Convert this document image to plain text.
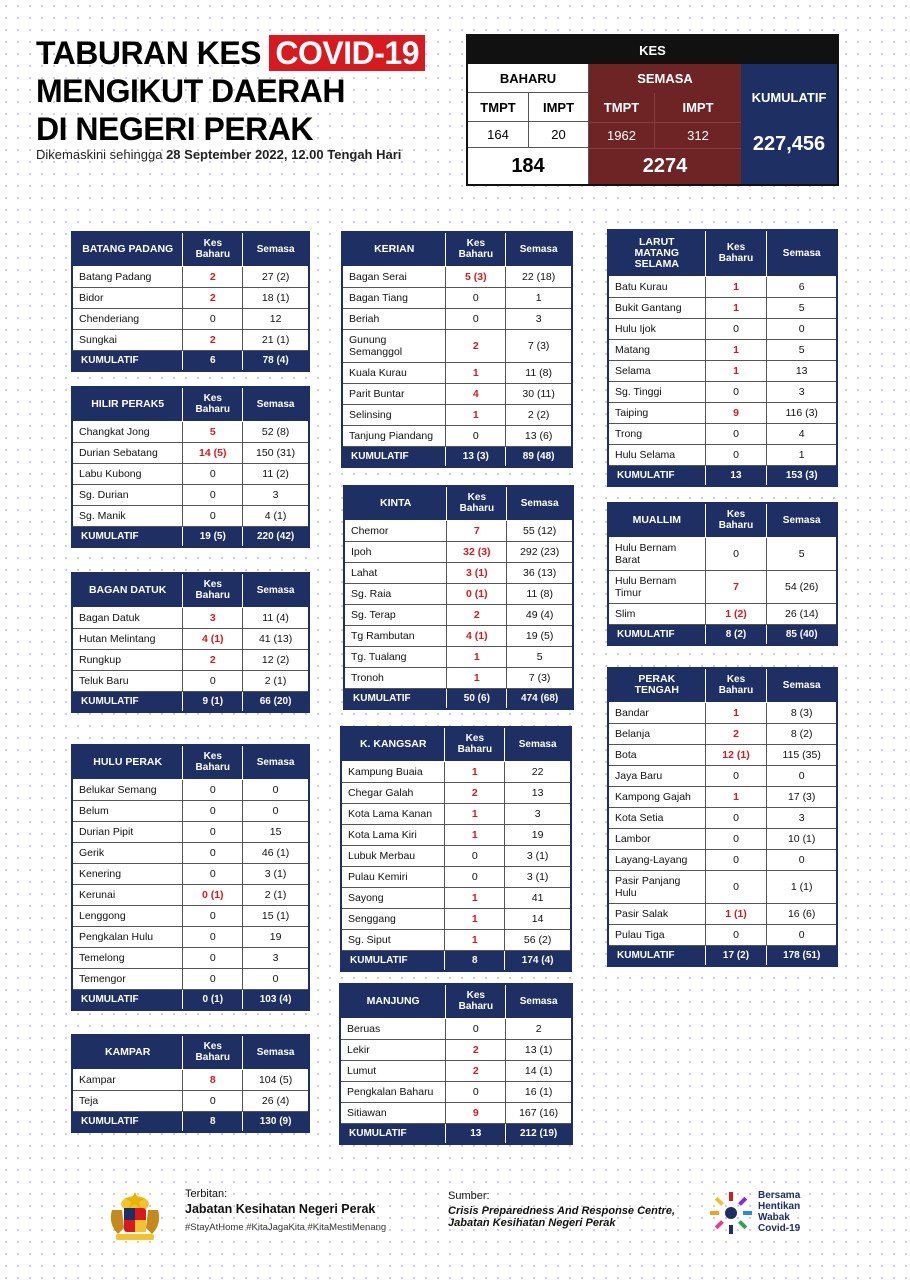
TABURAN KES COVID-19
MENGIKUT DAERAH
DI NEGERI PERAK
Dikemaskini sehingga 28 September 2022, 12.00 Tengah Hari
KES
BAHARU	SEMASA
KUMULATIF
227,456
TMPT	IMPT	TMPT	IMPT
164	20	1962	312
184	2274
BATANG PADANG	Kes Baharu	Semasa
Batang Padang	2	27 (2)
Bidor	2	18 (1)
Chenderiang	0	12
Sungkai	2	21 (1)
KUMULATIF	6	78 (4)
HILIR PERAK5	Kes Baharu	Semasa
Changkat Jong	5	52 (8)
Durian Sebatang	14 (5)	150 (31)
Labu Kubong	0	11 (2)
Sg. Durian	0	3
Sg. Manik	0	4 (1)
KUMULATIF	19 (5)	220 (42)
BAGAN DATUK	Kes Baharu	Semasa
Bagan Datuk	3	11 (4)
Hutan Melintang	4 (1)	41 (13)
Rungkup	2	12 (2)
Teluk Baru	0	2 (1)
KUMULATIF	9 (1)	66 (20)
HULU PERAK	Kes Baharu	Semasa
Belukar Semang	0	0
Belum	0	0
Durian Pipit	0	15
Gerik	0	46 (1)
Kenering	0	3 (1)
Kerunai	0 (1)	2 (1)
Lenggong	0	15 (1)
Pengkalan Hulu	0	19
Temelong	0	3
Temengor	0	0
KUMULATIF	0 (1)	103 (4)
KAMPAR	Kes Baharu	Semasa
Kampar	8	104 (5)
Teja	0	26 (4)
KUMULATIF	8	130 (9)
KERIAN	Kes Baharu	Semasa
Bagan Serai	5 (3)	22 (18)
Bagan Tiang	0	1
Beriah	0	3
Gunung Semanggol	2	7 (3)
Kuala Kurau	1	11 (8)
Parit Buntar	4	30 (11)
Selinsing	1	2 (2)
Tanjung Piandang	0	13 (6)
KUMULATIF	13 (3)	89 (48)
KINTA	Kes Baharu	Semasa
Chemor	7	55 (12)
Ipoh	32 (3)	292 (23)
Lahat	3 (1)	36 (13)
Sg. Raia	0 (1)	11 (8)
Sg. Terap	2	49 (4)
Tg Rambutan	4 (1)	19 (5)
Tg. Tualang	1	5
Tronoh	1	7 (3)
KUMULATIF	50 (6)	474 (68)
K. KANGSAR	Kes Baharu	Semasa
Kampung Buaia	1	22
Chegar Galah	2	13
Kota Lama Kanan	1	3
Kota Lama Kiri	1	19
Lubuk Merbau	0	3 (1)
Pulau Kemiri	0	3 (1)
Sayong	1	41
Senggang	1	14
Sg. Siput	1	56 (2)
KUMULATIF	8	174 (4)
MANJUNG	Kes Baharu	Semasa
Beruas	0	2
Lekir	2	13 (1)
Lumut	2	14 (1)
Pengkalan Baharu	0	16 (1)
Sitiawan	9	167 (16)
KUMULATIF	13	212 (19)
LARUT
MATANG
SELAMA	Kes Baharu	Semasa
Batu Kurau	1	6
Bukit Gantang	1	5
Hulu Ijok	0	0
Matang	1	5
Selama	1	13
Sg. Tinggi	0	3
Taiping	9	116 (3)
Trong	0	4
Hulu Selama	0	1
KUMULATIF	13	153 (3)
MUALLIM	Kes Baharu	Semasa
Hulu Bernam Barat	0	5
Hulu Bernam Timur	7	54 (26)
Slim	1 (2)	26 (14)
KUMULATIF	8 (2)	85 (40)
PERAK
TENGAH	Kes Baharu	Semasa
Bandar	1	8 (3)
Belanja	2	8 (2)
Bota	12 (1)	115 (35)
Jaya Baru	0	0
Kampong Gajah	1	17 (3)
Kota Setia	0	3
Lambor	0	10 (1)
Layang-Layang	0	0
Pasir Panjang Hulu	0	1 (1)
Pasir Salak	1 (1)	16 (6)
Pulau Tiga	0	0
KUMULATIF	17 (2)	178 (51)
Terbitan:
Jabatan Kesihatan Negeri Perak
#StayAtHome #KitaJagaKita #KitaMestiMenang
Sumber:
Crisis Preparedness And Response Centre,
Jabatan Kesihatan Negeri Perak
Bersama
Hentikan
Wabak
Covid-19
